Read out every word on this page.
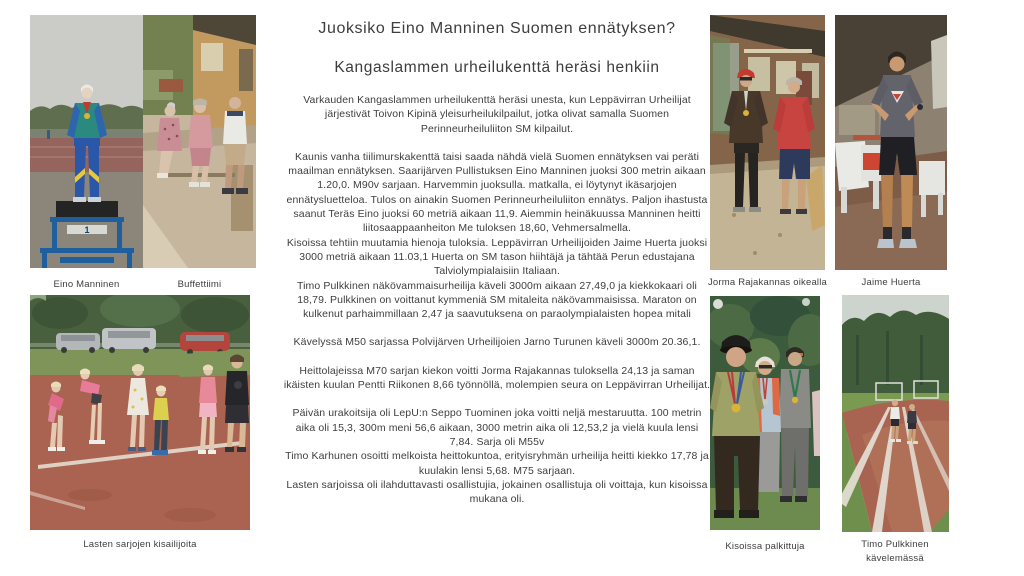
1
Eino Manninen	Buffettiimi
Lasten sarjojen kisailijoita
Juoksiko Eino Manninen Suomen ennätyksen?
Kangaslammen urheilukenttä heräsi henkiin

Varkauden Kangaslammen urheilukenttä heräsi unesta, kun Leppävirran Urheilijat järjestivät Toivon Kipinä yleisurheilukilpailut, jotka olivat samalla Suomen Perinneurheiluliiton SM kilpailut.

Kaunis vanha tiilimurskakenttä taisi saada nähdä vielä Suomen ennätyksen vai peräti maailman ennätyksen. Saarijärven Pullistuksen Eino Manninen juoksi 300 metrin aikaan 1.20,0. M90v sarjaan. Harvemmin juoksulla. matkalla, ei löytynyt ikäsarjojen ennätysluetteloa. Tulos on ainakin Suomen Perinneurheiluliiton ennätys. Paljon ihastusta saanut Teräs Eino juoksi 60 metriä aikaan 11,9. Aiemmin heinäkuussa Manninen heitti liitosaappaanheiton Me tuloksen 18,60, Vehmersalmella.

Kisoissa tehtiin muutamia hienoja tuloksia. Leppävirran Urheilijoiden Jaime Huerta juoksi 3000 metriä aikaan 11.03,1 Huerta on SM tason hiihtäjä ja tähtää Perun edustajana Talviolympialaisiin Italiaan.

Timo Pulkkinen näkövammaisurheilija käveli 3000m aikaan 27,49,0 ja kiekkokaari oli 18,79. Pulkkinen on voittanut kymmeniä SM mitaleita näkövammaisissa. Maraton on kulkenut parhaimmillaan 2,47 ja saavutuksena on paraolympialaisten hopea mitali

Kävelyssä M50 sarjassa Polvijärven Urheilijoien Jarno Turunen käveli 3000m 20.36,1.

Heittolajeissa M70 sarjan kiekon voitti Jorma Rajakannas tuloksella 24,13 ja saman ikäisten kuulan Pentti Riikonen 8,66 työnnöllä, molempien seura on Leppävirran Urheilijat.

Päivän urakoitsija oli LepU:n Seppo Tuominen joka voitti neljä mestaruutta. 100 metrin aika oli 15,3, 300m meni 56,6 aikaan, 3000 metrin aika oli 12,53,2 ja vielä kuula lensi 7,84. Sarja oli M55v

Timo Karhunen osoitti melkoista heittokuntoa, erityisryhmän urheilija heitti kiekko 17,78 ja kuulakin lensi 5,68. M75 sarjaan.

Lasten sarjoissa oli ilahduttavasti osallistujia, jokainen osallistuja oli voittaja, kun kisoissa mukana oli.

Jorma Rajakannas oikealla	Jaime Huerta
Kisoissa palkittuja	Timo Pulkkinen kävelemässä
